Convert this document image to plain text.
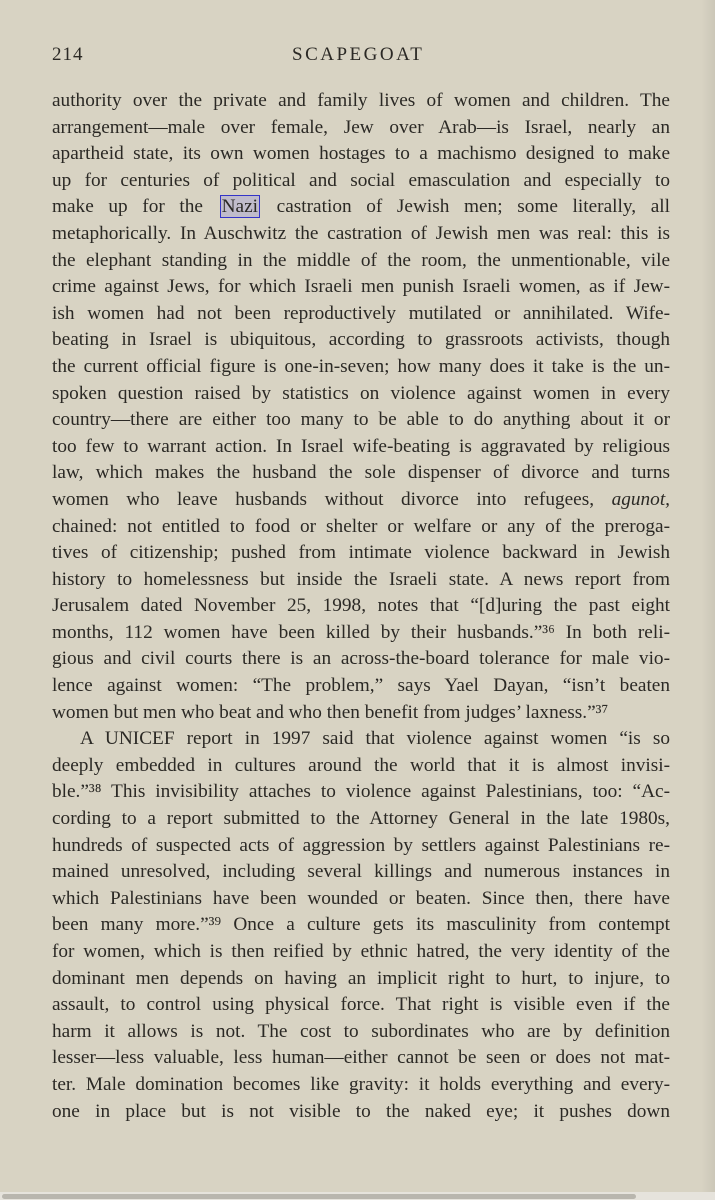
214	SCAPEGOAT
authority over the private and family lives of women and children. The
arrangement—male over female, Jew over Arab—is Israel, nearly an
apartheid state, its own women hostages to a machismo designed to make
up for centuries of political and social emasculation and especially to
make up for the Nazi castration of Jewish men; some literally, all
metaphorically. In Auschwitz the castration of Jewish men was real: this is
the elephant standing in the middle of the room, the unmentionable, vile
crime against Jews, for which Israeli men punish Israeli women, as if Jew-
ish women had not been reproductively mutilated or annihilated. Wife-
beating in Israel is ubiquitous, according to grassroots activists, though
the current official figure is one-in-seven; how many does it take is the un-
spoken question raised by statistics on violence against women in every
country—there are either too many to be able to do anything about it or
too few to warrant action. In Israel wife-beating is aggravated by religious
law, which makes the husband the sole dispenser of divorce and turns
women who leave husbands without divorce into refugees, agunot,
chained: not entitled to food or shelter or welfare or any of the preroga-
tives of citizenship; pushed from intimate violence backward in Jewish
history to homelessness but inside the Israeli state. A news report from
Jerusalem dated November 25, 1998, notes that “[d]uring the past eight
months, 112 women have been killed by their husbands.”³⁶ In both reli-
gious and civil courts there is an across-the-board tolerance for male vio-
lence against women: “The problem,” says Yael Dayan, “isn’t beaten
women but men who beat and who then benefit from judges’ laxness.”³⁷
A UNICEF report in 1997 said that violence against women “is so
deeply embedded in cultures around the world that it is almost invisi-
ble.”³⁸ This invisibility attaches to violence against Palestinians, too: “Ac-
cording to a report submitted to the Attorney General in the late 1980s,
hundreds of suspected acts of aggression by settlers against Palestinians re-
mained unresolved, including several killings and numerous instances in
which Palestinians have been wounded or beaten. Since then, there have
been many more.”³⁹ Once a culture gets its masculinity from contempt
for women, which is then reified by ethnic hatred, the very identity of the
dominant men depends on having an implicit right to hurt, to injure, to
assault, to control using physical force. That right is visible even if the
harm it allows is not. The cost to subordinates who are by definition
lesser—less valuable, less human—either cannot be seen or does not mat-
ter. Male domination becomes like gravity: it holds everything and every-
one in place but is not visible to the naked eye; it pushes down
